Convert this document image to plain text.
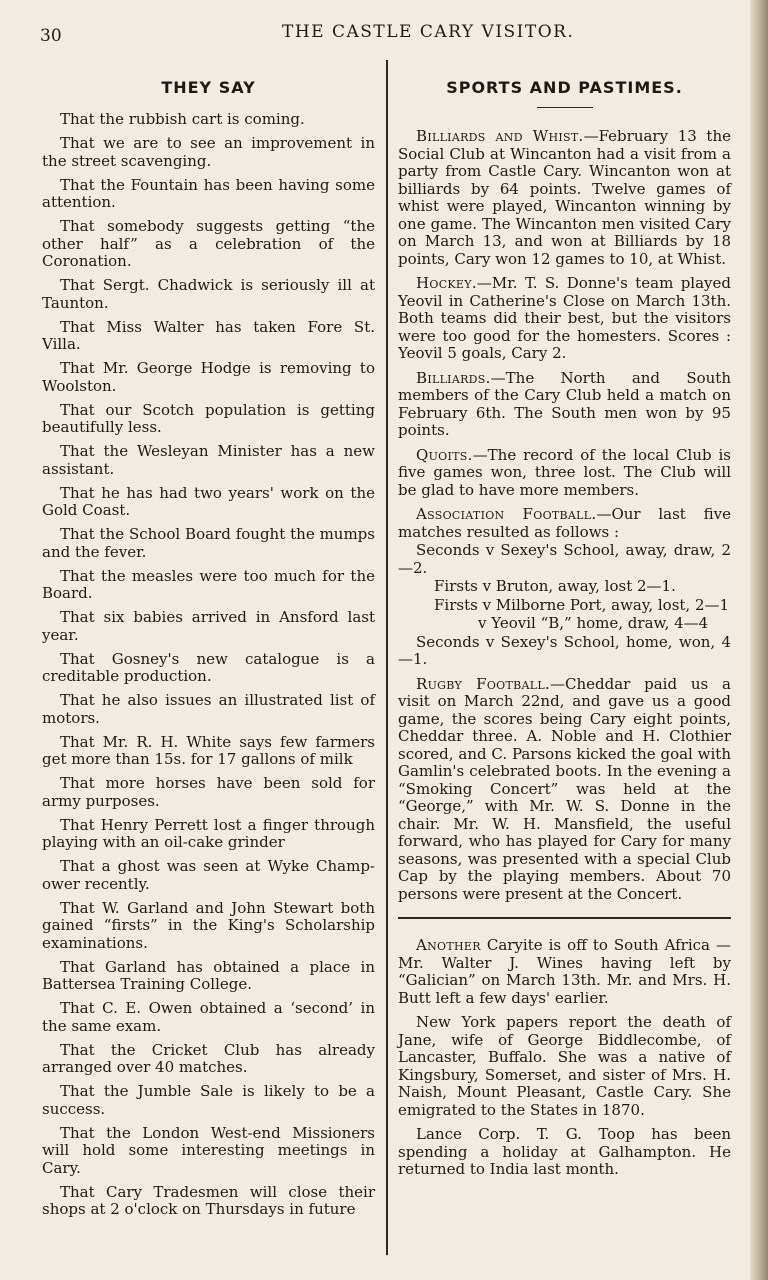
30	THE CASTLE CARY VISITOR.
THEY SAY

That the rubbish cart is coming.

That we are to see an improvement in the street scavenging.

That the Fountain has been having some attention.

That somebody suggests getting “the other half” as a celebration of the Coronation.

That Sergt. Chadwick is seriously ill at Taunton.

That Miss Walter has taken Fore St. Villa.

That Mr. George Hodge is removing to Woolston.

That our Scotch population is getting beautifully less.

That the Wesleyan Minister has a new assistant.

That he has had two years' work on the Gold Coast.

That the School Board fought the mumps and the fever.

That the measles were too much for the Board.

That six babies arrived in Ansford last year.

That Gosney's new catalogue is a creditable production.

That he also issues an illustrated list of motors.

That Mr. R. H. White says few farmers get more than 15s. for 17 gallons of milk

That more horses have been sold for army purposes.

That Henry Perrett lost a finger through playing with an oil-cake grinder

That a ghost was seen at Wyke Champ- ower recently.

That W. Garland and John Stewart both gained “firsts” in the King's Scholarship examinations.

That Garland has obtained a place in Battersea Training College.

That C. E. Owen obtained a ‘second’ in the same exam.

That the Cricket Club has already arranged over 40 matches.

That the Jumble Sale is likely to be a success.

That the London West-end Missioners will hold some interesting meetings in Cary.

That Cary Tradesmen will close their shops at 2 o'clock on Thursdays in future

SPORTS AND PASTIMES.

Billiards and Whist.—February 13 the Social Club at Wincanton had a visit from a party from Castle Cary. Wincanton won at billiards by 64 points. Twelve games of whist were played, Wincanton winning by one game. The Wincanton men visited Cary on March 13, and won at Billiards by 18 points, Cary won 12 games to 10, at Whist.

Hockey.—Mr. T. S. Donne's team played Yeovil in Catherine's Close on March 13th. Both teams did their best, but the visitors were too good for the homesters. Scores : Yeovil 5 goals, Cary 2.

Billiards.—The North and South members of the Cary Club held a match on February 6th. The South men won by 95 points.

Quoits.—The record of the local Club is five games won, three lost. The Club will be glad to have more members.

Association Football.—Our last five matches resulted as follows :

Seconds v Sexey's School, away, draw, 2—2.

Firsts v Bruton, away, lost 2—1.

Firsts v Milborne Port, away, lost, 2—1

v Yeovil “B,” home, draw, 4—4

Seconds v Sexey's School, home, won, 4—1.

Rugby Football.—Cheddar paid us a visit on March 22nd, and gave us a good game, the scores being Cary eight points, Cheddar three. A. Noble and H. Clothier scored, and C. Parsons kicked the goal with Gamlin's celebrated boots. In the evening a “Smoking Concert” was held at the “George,” with Mr. W. S. Donne in the chair. Mr. W. H. Mansfield, the useful forward, who has played for Cary for many seasons, was presented with a special Club Cap by the playing members. About 70 persons were present at the Concert.

Another Caryite is off to South Africa —Mr. Walter J. Wines having left by “Galician” on March 13th. Mr. and Mrs. H. Butt left a few days' earlier.

New York papers report the death of Jane, wife of George Biddlecombe, of Lancaster, Buffalo. She was a native of Kingsbury, Somerset, and sister of Mrs. H. Naish, Mount Pleasant, Castle Cary. She emigrated to the States in 1870.

Lance Corp. T. G. Toop has been spending a holiday at Galhampton. He returned to India last month.
